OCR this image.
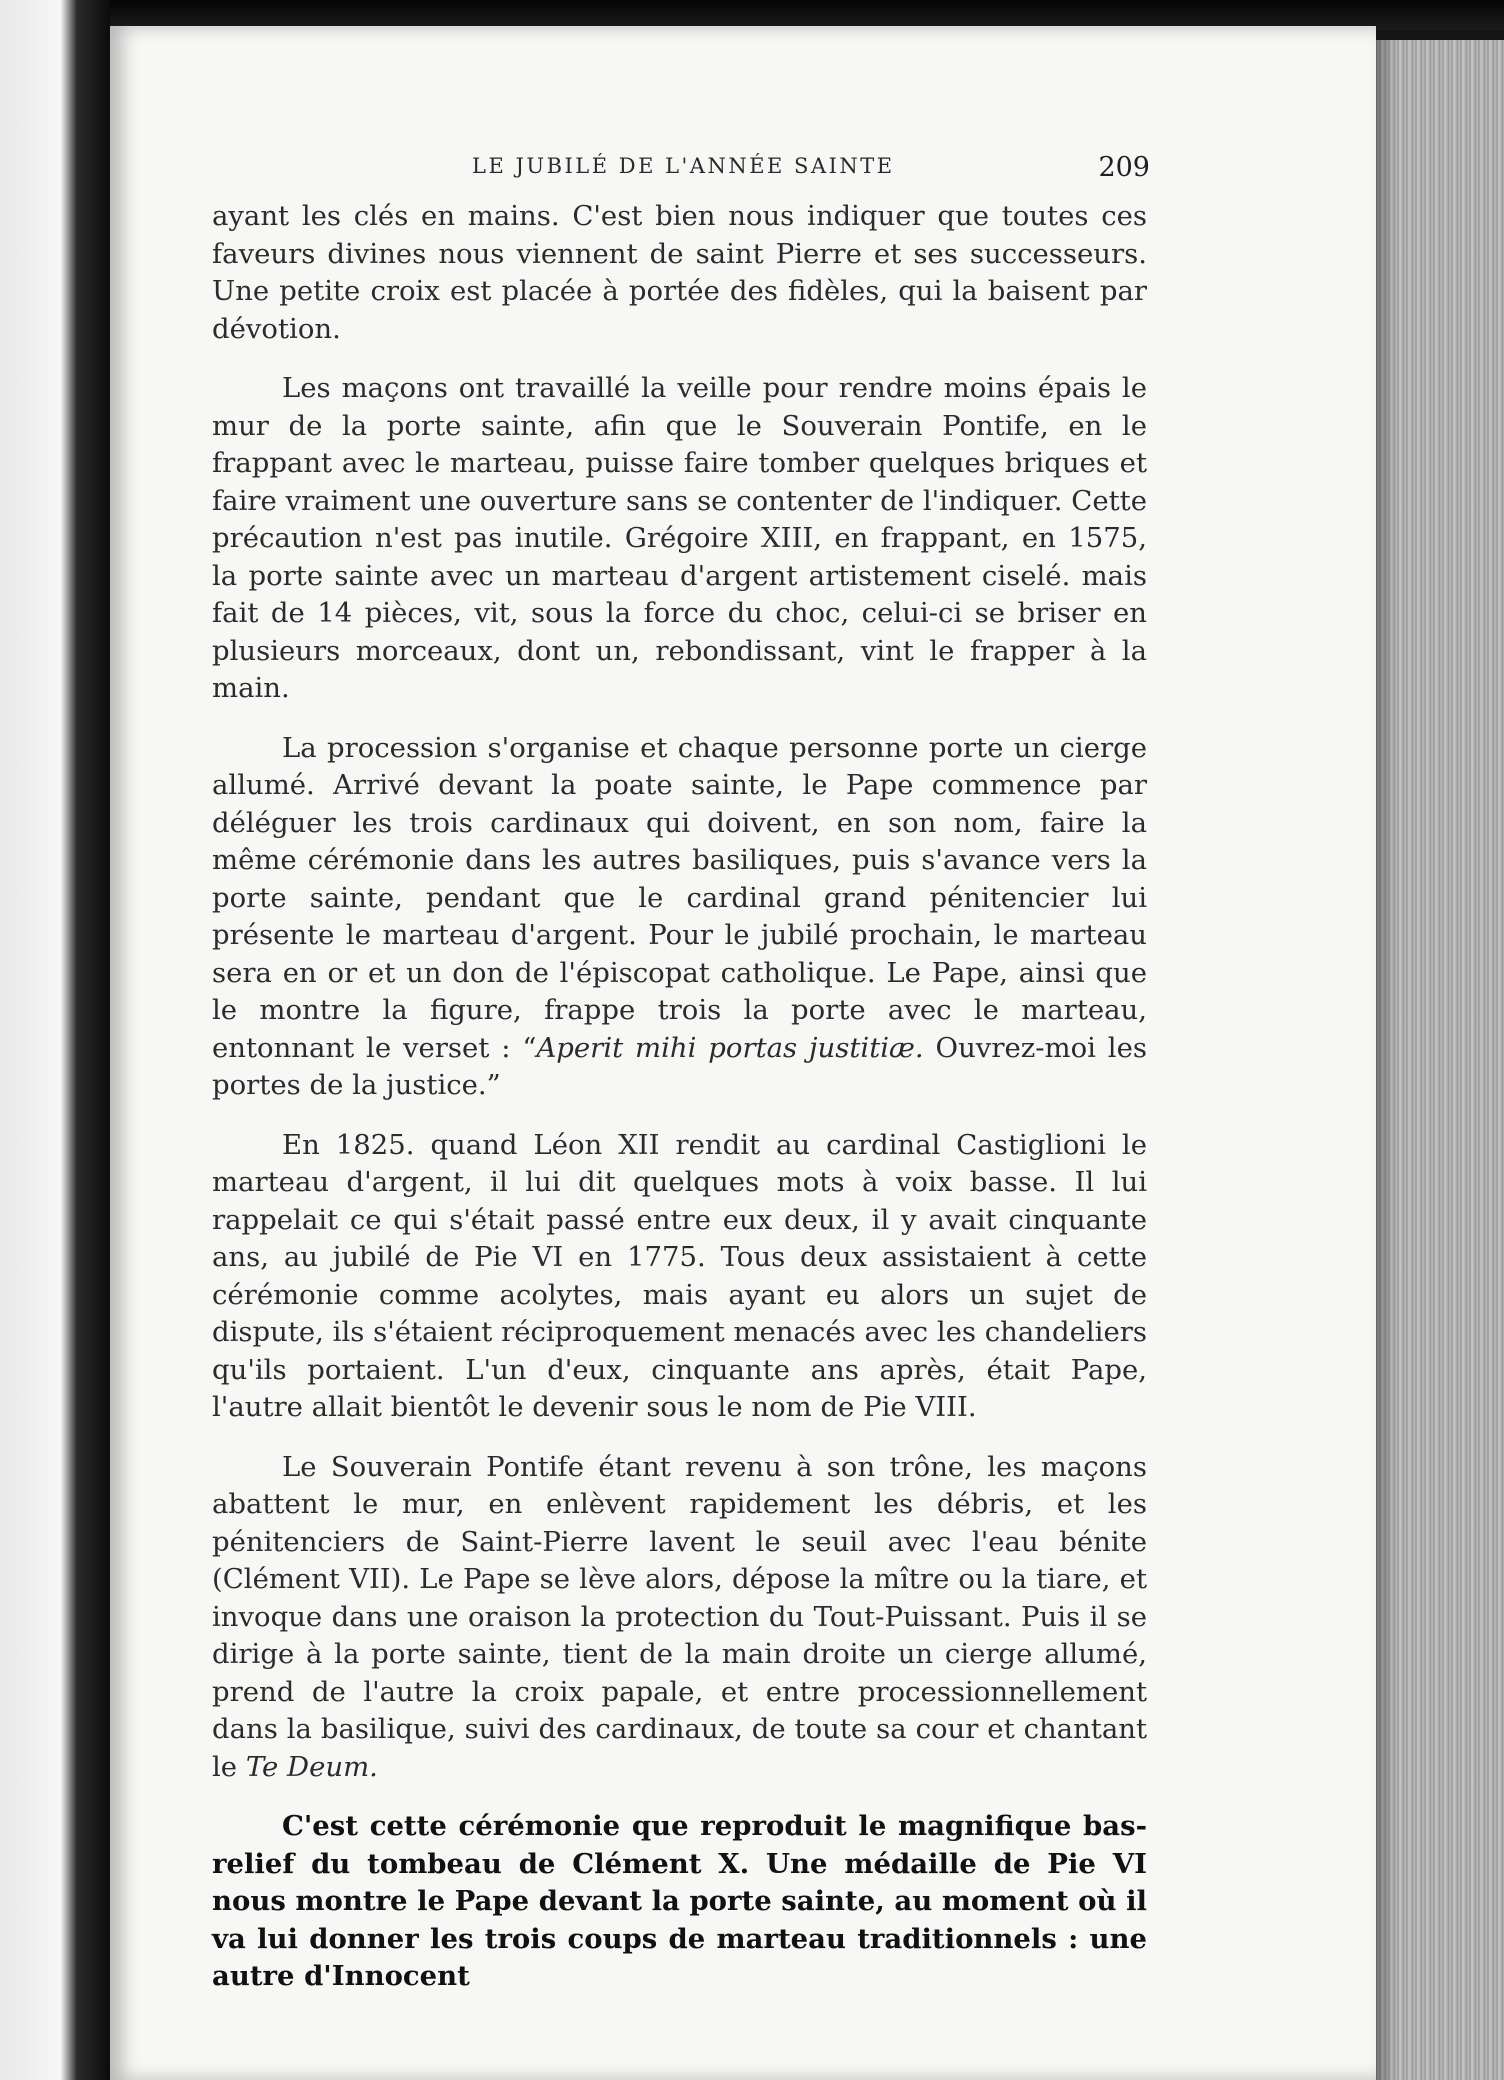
LE JUBILÉ DE L'ANNÉE SAINTE	209

ayant les clés en mains. C'est bien nous indiquer que toutes ces faveurs divines nous viennent de saint Pierre et ses successeurs. Une petite croix est placée à portée des fidèles, qui la baisent par dévotion.

Les maçons ont travaillé la veille pour rendre moins épais le mur de la porte sainte, afin que le Souverain Pontife, en le frappant avec le marteau, puisse faire tomber quelques briques et faire vraiment une ouverture sans se contenter de l'indiquer. Cette précaution n'est pas inutile. Grégoire XIII, en frappant, en 1575, la porte sainte avec un marteau d'argent artistement ciselé. mais fait de 14 pièces, vit, sous la force du choc, celui-ci se briser en plusieurs morceaux, dont un, rebondissant, vint le frapper à la main.

La procession s'organise et chaque personne porte un cierge allumé. Arrivé devant la poate sainte, le Pape commence par déléguer les trois cardinaux qui doivent, en son nom, faire la même cérémonie dans les autres basiliques, puis s'avance vers la porte sainte, pendant que le cardinal grand pénitencier lui présente le marteau d'argent. Pour le jubilé prochain, le marteau sera en or et un don de l'épiscopat catholique. Le Pape, ainsi que le montre la figure, frappe trois la porte avec le marteau, entonnant le verset : “Aperit mihi portas justitiæ. Ouvrez-moi les portes de la justice.”

En 1825. quand Léon XII rendit au cardinal Castiglioni le marteau d'argent, il lui dit quelques mots à voix basse. Il lui rappelait ce qui s'était passé entre eux deux, il y avait cinquante ans, au jubilé de Pie VI en 1775. Tous deux assistaient à cette cérémonie comme acolytes, mais ayant eu alors un sujet de dispute, ils s'étaient réciproquement menacés avec les chandeliers qu'ils portaient. L'un d'eux, cinquante ans après, était Pape, l'autre allait bientôt le devenir sous le nom de Pie VIII.

Le Souverain Pontife étant revenu à son trône, les maçons abattent le mur, en enlèvent rapidement les débris, et les pénitenciers de Saint-Pierre lavent le seuil avec l'eau bénite (Clément VII). Le Pape se lève alors, dépose la mître ou la tiare, et invoque dans une oraison la protection du Tout-Puissant. Puis il se dirige à la porte sainte, tient de la main droite un cierge allumé, prend de l'autre la croix papale, et entre processionnellement dans la basilique, suivi des cardinaux, de toute sa cour et chantant le Te Deum.

C'est cette cérémonie que reproduit le magnifique bas-relief du tombeau de Clément X. Une médaille de Pie VI nous montre le Pape devant la porte sainte, au moment où il va lui donner les trois coups de marteau traditionnels : une autre d'Innocent
